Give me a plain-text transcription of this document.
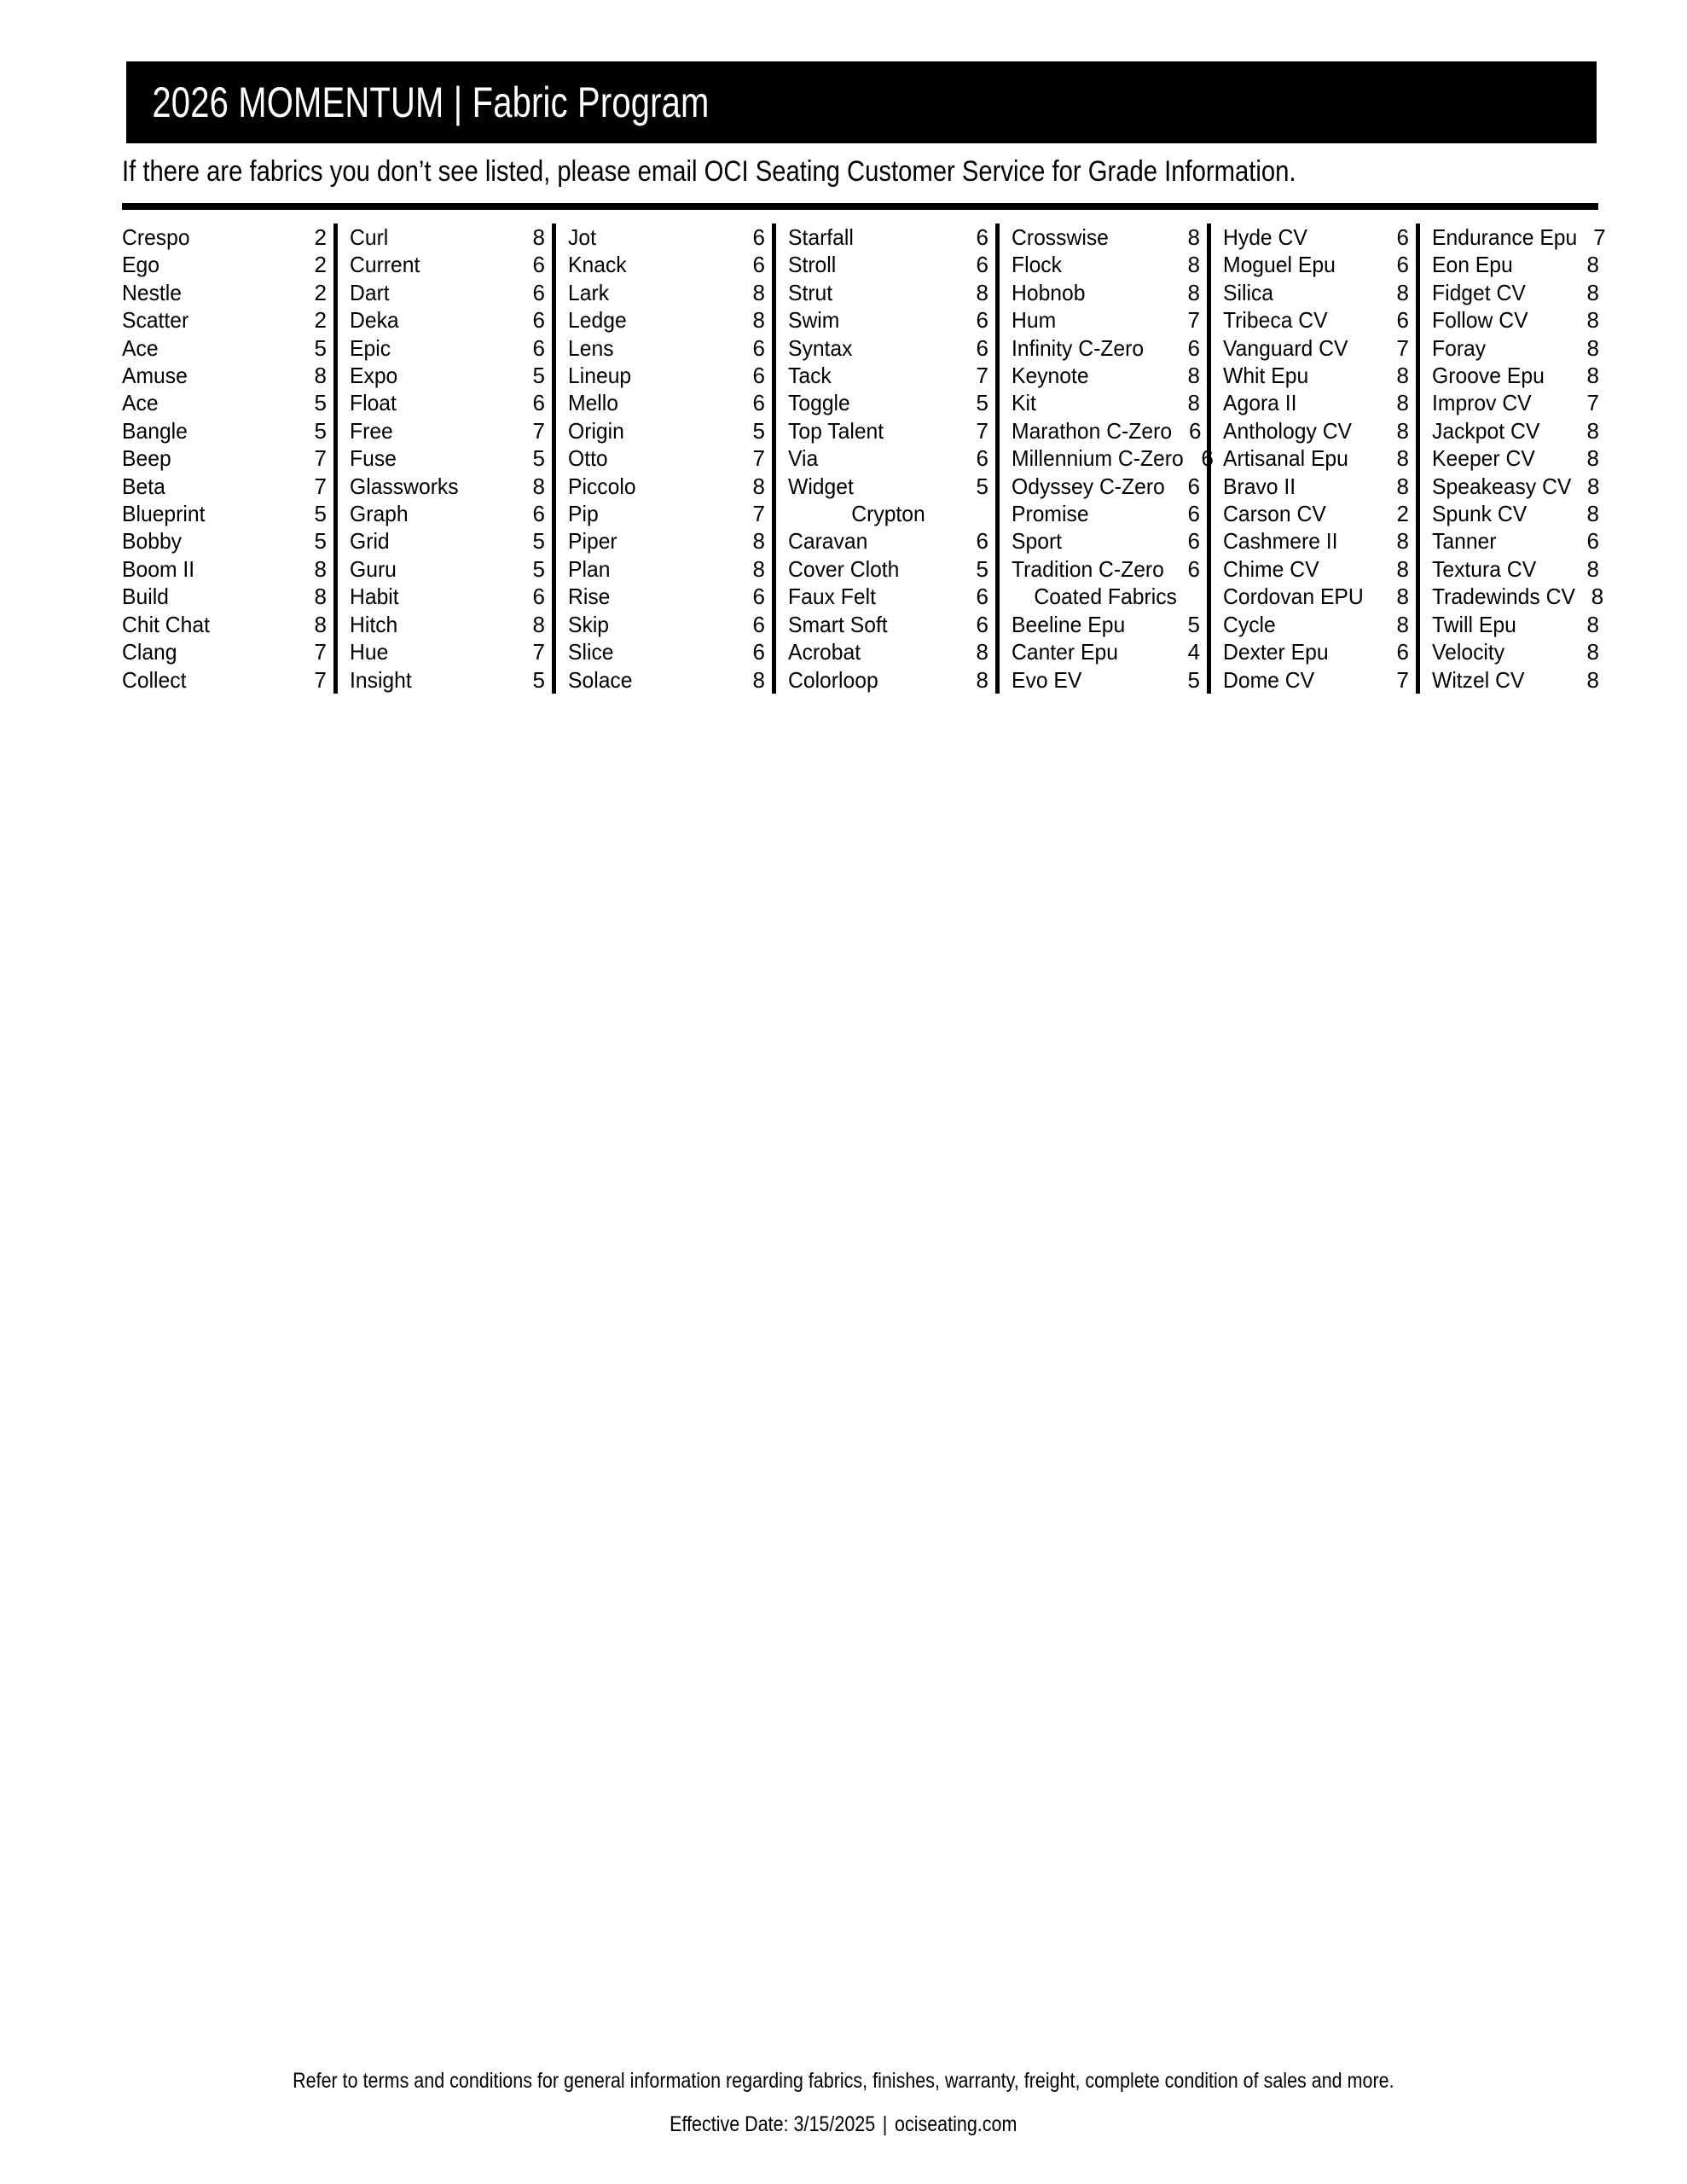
2026 MOMENTUM | Fabric Program
If there are fabrics you don’t see listed, please email OCI Seating Customer Service for Grade Information.
Crespo	2
Ego	2
Nestle	2
Scatter	2
Ace	5
Amuse	8
Ace	5
Bangle	5
Beep	7
Beta	7
Blueprint	5
Bobby	5
Boom II	8
Build	8
Chit Chat	8
Clang	7
Collect	7
Curl	8
Current	6
Dart	6
Deka	6
Epic	6
Expo	5
Float	6
Free	7
Fuse	5
Glassworks	8
Graph	6
Grid	5
Guru	5
Habit	6
Hitch	8
Hue	7
Insight	5
Jot	6
Knack	6
Lark	8
Ledge	8
Lens	6
Lineup	6
Mello	6
Origin	5
Otto	7
Piccolo	8
Pip	7
Piper	8
Plan	8
Rise	6
Skip	6
Slice	6
Solace	8
Starfall	6
Stroll	6
Strut	8
Swim	6
Syntax	6
Tack	7
Toggle	5
Top Talent	7
Via	6
Widget	5
Crypton
Caravan	6
Cover Cloth	5
Faux Felt	6
Smart Soft	6
Acrobat	8
Colorloop	8
Crosswise	8
Flock	8
Hobnob	8
Hum	7
Infinity C-Zero	6
Keynote	8
Kit	8
Marathon C-Zero 6
Millennium C-Zero 6
Odyssey C-Zero	6
Promise	6
Sport	6
Tradition C-Zero	6
Coated Fabrics
Beeline Epu	5
Canter Epu	4
Evo EV	5
Hyde CV	6
Moguel Epu	6
Silica	8
Tribeca CV	6
Vanguard CV	7
Whit Epu	8
Agora II	8
Anthology CV	8
Artisanal Epu	8
Bravo II	8
Carson CV	2
Cashmere II	8
Chime CV	8
Cordovan EPU	8
Cycle	8
Dexter Epu	6
Dome CV	7
Endurance Epu 7
Eon Epu	8
Fidget CV	8
Follow CV	8
Foray	8
Groove Epu	8
Improv CV	7
Jackpot CV	8
Keeper CV	8
Speakeasy CV 8
Spunk CV	8
Tanner	6
Textura CV	8
Tradewinds CV 8
Twill Epu	8
Velocity	8
Witzel CV	8
Refer to terms and conditions for general information regarding fabrics, finishes, warranty, freight, complete condition of sales and more. Effective Date: 3/15/2025 | ociseating.com
